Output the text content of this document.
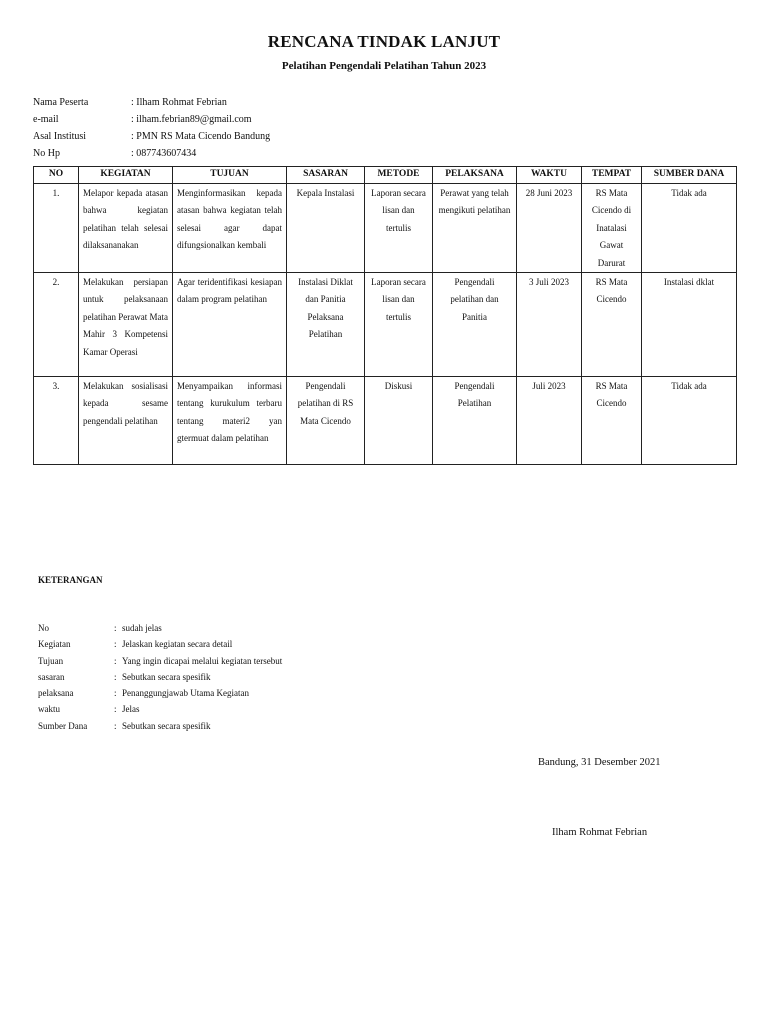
RENCANA TINDAK LANJUT
Pelatihan Pengendali Pelatihan Tahun 2023
Nama Peserta	: Ilham Rohmat Febrian
e-mail	: ilham.febrian89@gmail.com
Asal Institusi	: PMN RS Mata Cicendo Bandung
No Hp	: 087743607434
NO	KEGIATAN	TUJUAN	SASARAN	METODE	PELAKSANA	WAKTU	TEMPAT	SUMBER DANA
1.	Melapor kepada atasan bahwa kegiatan pelatihan telah selesai dilaksananakan	Menginformasikan kepada atasan bahwa kegiatan telah selesai agar dapat difungsionalkan kembali	Kepala Instalasi	Laporan secara lisan dan tertulis	Perawat yang telah mengikuti pelatihan	28 Juni 2023	RS Mata Cicendo di Inatalasi Gawat Darurat	Tidak ada
2.	Melakukan persiapan untuk pelaksanaan pelatihan Perawat Mata Mahir 3 Kompetensi Kamar Operasi	Agar teridentifikasi kesiapan dalam program pelatihan	Instalasi Diklat dan Panitia Pelaksana Pelatihan	Laporan secara lisan dan tertulis	Pengendali pelatihan dan Panitia	3 Juli 2023	RS Mata Cicendo	Instalasi dklat
3.	Melakukan sosialisasi kepada sesame pengendali pelatihan	Menyampaikan informasi tentang kurukulum terbaru tentang materi2 yan gtermuat dalam pelatihan	Pengendali pelatihan di RS Mata Cicendo	Diskusi	Pengendali Pelatihan	Juli 2023	RS Mata Cicendo	Tidak ada
KETERANGAN
No	: sudah jelas
Kegiatan	: Jelaskan kegiatan secara detail
Tujuan	: Yang ingin dicapai melalui kegiatan tersebut
sasaran	: Sebutkan secara spesifik
pelaksana	: Penanggungjawab Utama Kegiatan
waktu	: Jelas
Sumber Dana	: Sebutkan secara spesifik
Bandung, 31 Desember 2021
Ilham Rohmat Febrian
